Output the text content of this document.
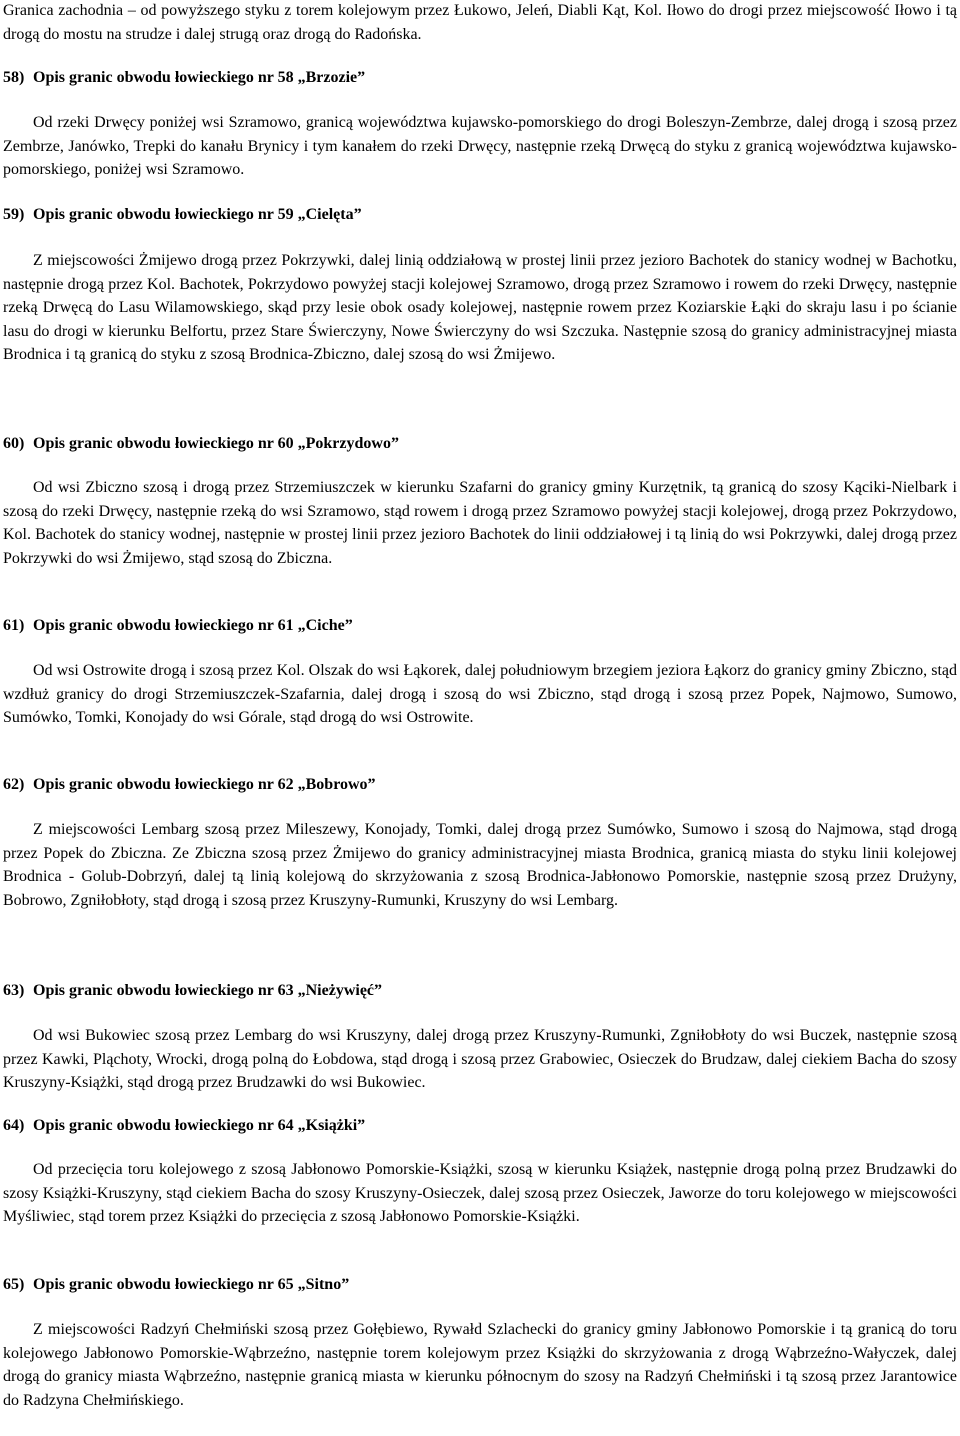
Granica zachodnia – od powyższego styku z torem kolejowym przez Łukowo, Jeleń, Diabli Kąt, Kol. Iłowo do drogi przez miejscowość Iłowo i tą drogą do mostu na strudze i dalej strugą oraz drogą do Radońska.

58) Opis granic obwodu łowieckiego nr 58 „Brzozie”

Od rzeki Drwęcy poniżej wsi Szramowo, granicą województwa kujawsko-pomorskiego do drogi Boleszyn-Zembrze, dalej drogą i szosą przez Zembrze, Janówko, Trepki do kanału Brynicy i tym kanałem do rzeki Drwęcy, następnie rzeką Drwęcą do styku z granicą województwa kujawsko-pomorskiego, poniżej wsi Szramowo.

59) Opis granic obwodu łowieckiego nr 59 „Cielęta”

Z miejscowości Żmijewo drogą przez Pokrzywki, dalej linią oddziałową w prostej linii przez jezioro Bachotek do stanicy wodnej w Bachotku, następnie drogą przez Kol. Bachotek, Pokrzydowo powyżej stacji kolejowej Szramowo, drogą przez Szramowo i rowem do rzeki Drwęcy, następnie rzeką Drwęcą do Lasu Wilamowskiego, skąd przy lesie obok osady kolejowej, następnie rowem przez Koziarskie Łąki do skraju lasu i po ścianie lasu do drogi w kierunku Belfortu, przez Stare Świerczyny, Nowe Świerczyny do wsi Szczuka. Następnie szosą do granicy administracyjnej miasta Brodnica i tą granicą do styku z szosą Brodnica-Zbiczno, dalej szosą do wsi Żmijewo.

60) Opis granic obwodu łowieckiego nr 60 „Pokrzydowo”

Od wsi Zbiczno szosą i drogą przez Strzemiuszczek w kierunku Szafarni do granicy gminy Kurzętnik, tą granicą do szosy Kąciki-Nielbark i szosą do rzeki Drwęcy, następnie rzeką do wsi Szramowo, stąd rowem i drogą przez Szramowo powyżej stacji kolejowej, drogą przez Pokrzydowo, Kol. Bachotek do stanicy wodnej, następnie w prostej linii przez jezioro Bachotek do linii oddziałowej i tą linią do wsi Pokrzywki, dalej drogą przez Pokrzywki do wsi Żmijewo, stąd szosą do Zbiczna.

61) Opis granic obwodu łowieckiego nr 61 „Ciche”

Od wsi Ostrowite drogą i szosą przez Kol. Olszak do wsi Łąkorek, dalej południowym brzegiem jeziora Łąkorz do granicy gminy Zbiczno, stąd wzdłuż granicy do drogi Strzemiuszczek-Szafarnia, dalej drogą i szosą do wsi Zbiczno, stąd drogą i szosą przez Popek, Najmowo, Sumowo, Sumówko, Tomki, Konojady do wsi Górale, stąd drogą do wsi Ostrowite.

62) Opis granic obwodu łowieckiego nr 62 „Bobrowo”

Z miejscowości Lembarg szosą przez Mileszewy, Konojady, Tomki, dalej drogą przez Sumówko, Sumowo i szosą do Najmowa, stąd drogą przez Popek do Zbiczna. Ze Zbiczna szosą przez Żmijewo do granicy administracyjnej miasta Brodnica, granicą miasta do styku linii kolejowej Brodnica - Golub-Dobrzyń, dalej tą linią kolejową do skrzyżowania z szosą Brodnica-Jabłonowo Pomorskie, następnie szosą przez Drużyny, Bobrowo, Zgniłobłoty, stąd drogą i szosą przez Kruszyny-Rumunki, Kruszyny do wsi Lembarg.

63) Opis granic obwodu łowieckiego nr 63 „Nieżywięć”

Od wsi Bukowiec szosą przez Lembarg do wsi Kruszyny, dalej drogą przez Kruszyny-Rumunki, Zgniłobłoty do wsi Buczek, następnie szosą przez Kawki, Pląchoty, Wrocki, drogą polną do Łobdowa, stąd drogą i szosą przez Grabowiec, Osieczek do Brudzaw, dalej ciekiem Bacha do szosy Kruszyny-Książki, stąd drogą przez Brudzawki do wsi Bukowiec.

64) Opis granic obwodu łowieckiego nr 64 „Książki”

Od przecięcia toru kolejowego z szosą Jabłonowo Pomorskie-Książki, szosą w kierunku Książek, następnie drogą polną przez Brudzawki do szosy Książki-Kruszyny, stąd ciekiem Bacha do szosy Kruszyny-Osieczek, dalej szosą przez Osieczek, Jaworze do toru kolejowego w miejscowości Myśliwiec, stąd torem przez Książki do przecięcia z szosą Jabłonowo Pomorskie-Książki.

65) Opis granic obwodu łowieckiego nr 65 „Sitno”

Z miejscowości Radzyń Chełmiński szosą przez Gołębiewo, Rywałd Szlachecki do granicy gminy Jabłonowo Pomorskie i tą granicą do toru kolejowego Jabłonowo Pomorskie-Wąbrzeźno, następnie torem kolejowym przez Książki do skrzyżowania z drogą Wąbrzeźno-Wałyczek, dalej drogą do granicy miasta Wąbrzeźno, następnie granicą miasta w kierunku północnym do szosy na Radzyń Chełmiński i tą szosą przez Jarantowice do Radzyna Chełmińskiego.
